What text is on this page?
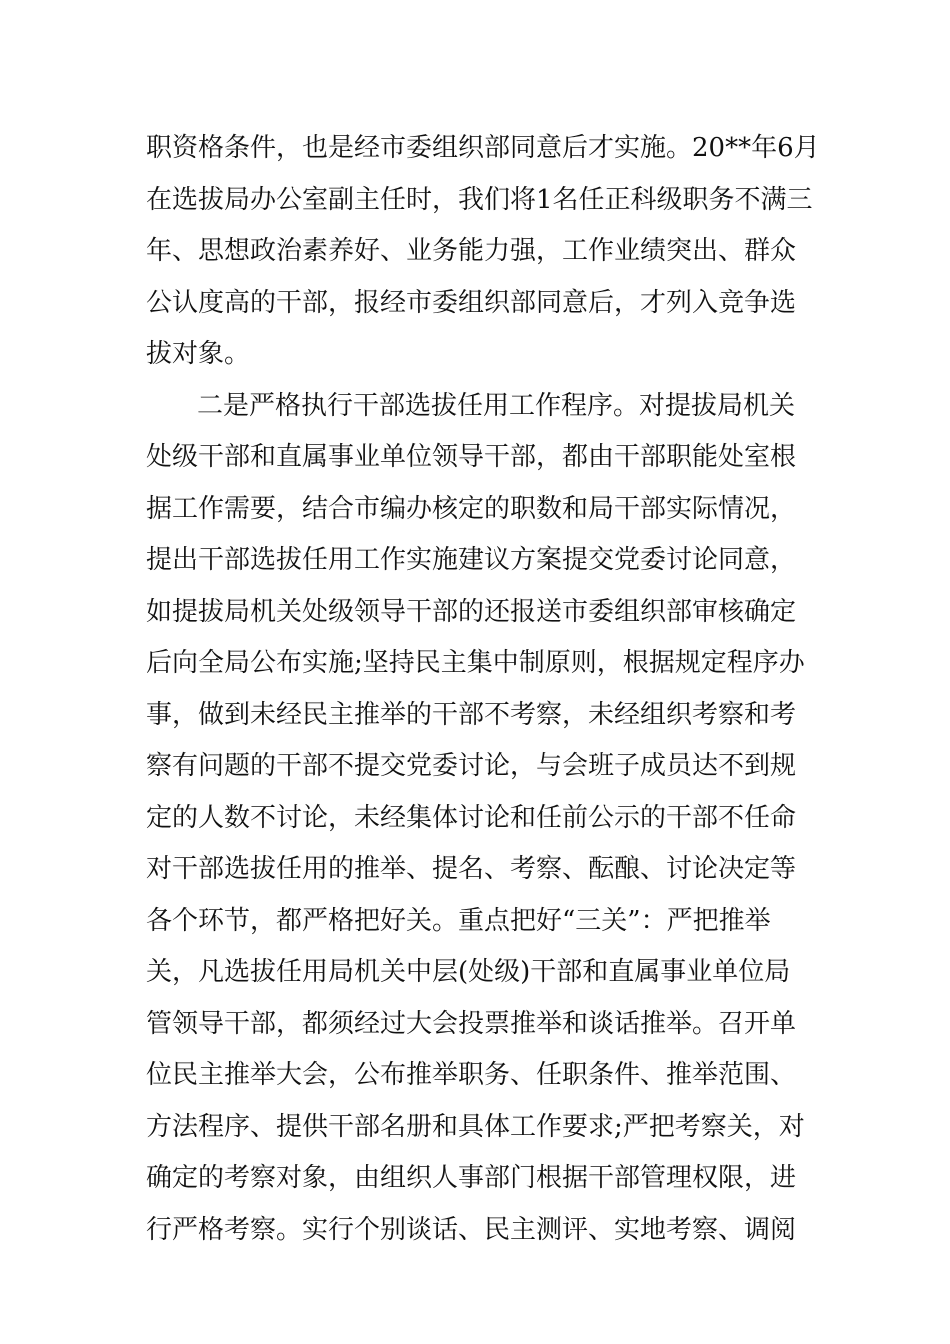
职资格条件，也是经市委组织部同意后才实施。20**年6月
在选拔局办公室副主任时，我们将1名任正科级职务不满三
年、思想政治素养好、业务能力强，工作业绩突出、群众
公认度高的干部，报经市委组织部同意后，才列入竞争选
拔对象。
二是严格执行干部选拔任用工作程序。对提拔局机关
处级干部和直属事业单位领导干部，都由干部职能处室根
据工作需要，结合市编办核定的职数和局干部实际情况，
提出干部选拔任用工作实施建议方案提交党委讨论同意，
如提拔局机关处级领导干部的还报送市委组织部审核确定
后向全局公布实施;坚持民主集中制原则，根据规定程序办
事，做到未经民主推举的干部不考察，未经组织考察和考
察有问题的干部不提交党委讨论，与会班子成员达不到规
定的人数不讨论，未经集体讨论和任前公示的干部不任命
对干部选拔任用的推举、提名、考察、酝酿、讨论决定等
各个环节，都严格把好关。重点把好“三关”：严把推举
关，凡选拔任用局机关中层(处级)干部和直属事业单位局
管领导干部，都须经过大会投票推举和谈话推举。召开单
位民主推举大会，公布推举职务、任职条件、推举范围、
方法程序、提供干部名册和具体工作要求;严把考察关，对
确定的考察对象，由组织人事部门根据干部管理权限，进
行严格考察。实行个别谈话、民主测评、实地考察、调阅
